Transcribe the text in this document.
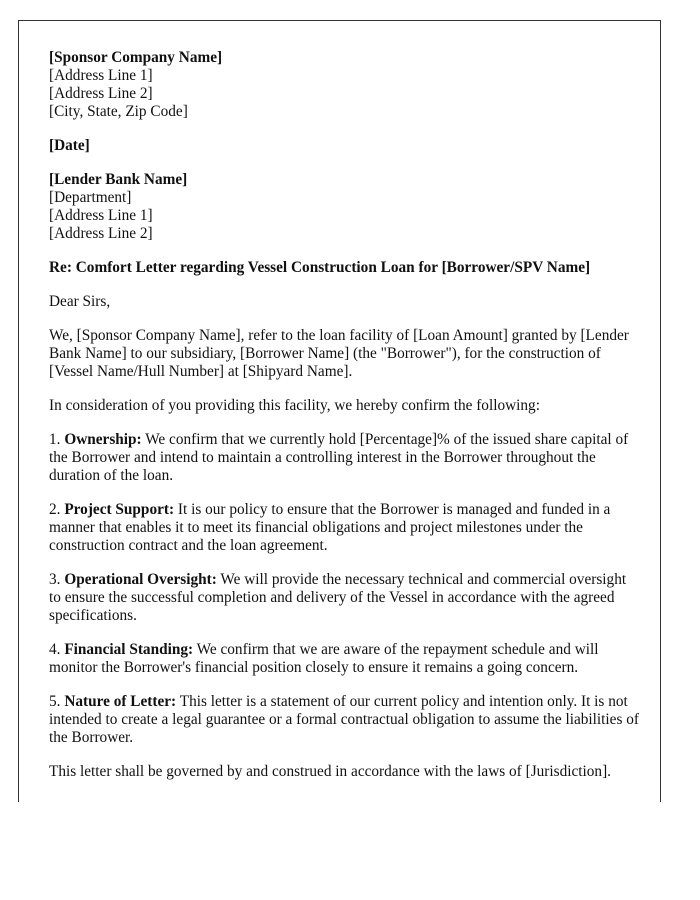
[Sponsor Company Name]
[Address Line 1]
[Address Line 2]
[City, State, Zip Code]

[Date]

[Lender Bank Name]
[Department]
[Address Line 1]
[Address Line 2]

Re: Comfort Letter regarding Vessel Construction Loan for [Borrower/SPV Name]

Dear Sirs,

We, [Sponsor Company Name], refer to the loan facility of [Loan Amount] granted by [Lender Bank Name] to our subsidiary, [Borrower Name] (the "Borrower"), for the construction of [Vessel Name/Hull Number] at [Shipyard Name].

In consideration of you providing this facility, we hereby confirm the following:

1. Ownership: We confirm that we currently hold [Percentage]% of the issued share capital of the Borrower and intend to maintain a controlling interest in the Borrower throughout the duration of the loan.

2. Project Support: It is our policy to ensure that the Borrower is managed and funded in a manner that enables it to meet its financial obligations and project milestones under the construction contract and the loan agreement.

3. Operational Oversight: We will provide the necessary technical and commercial oversight to ensure the successful completion and delivery of the Vessel in accordance with the agreed specifications.

4. Financial Standing: We confirm that we are aware of the repayment schedule and will monitor the Borrower's financial position closely to ensure it remains a going concern.

5. Nature of Letter: This letter is a statement of our current policy and intention only. It is not intended to create a legal guarantee or a formal contractual obligation to assume the liabilities of the Borrower.

This letter shall be governed by and construed in accordance with the laws of [Jurisdiction].
